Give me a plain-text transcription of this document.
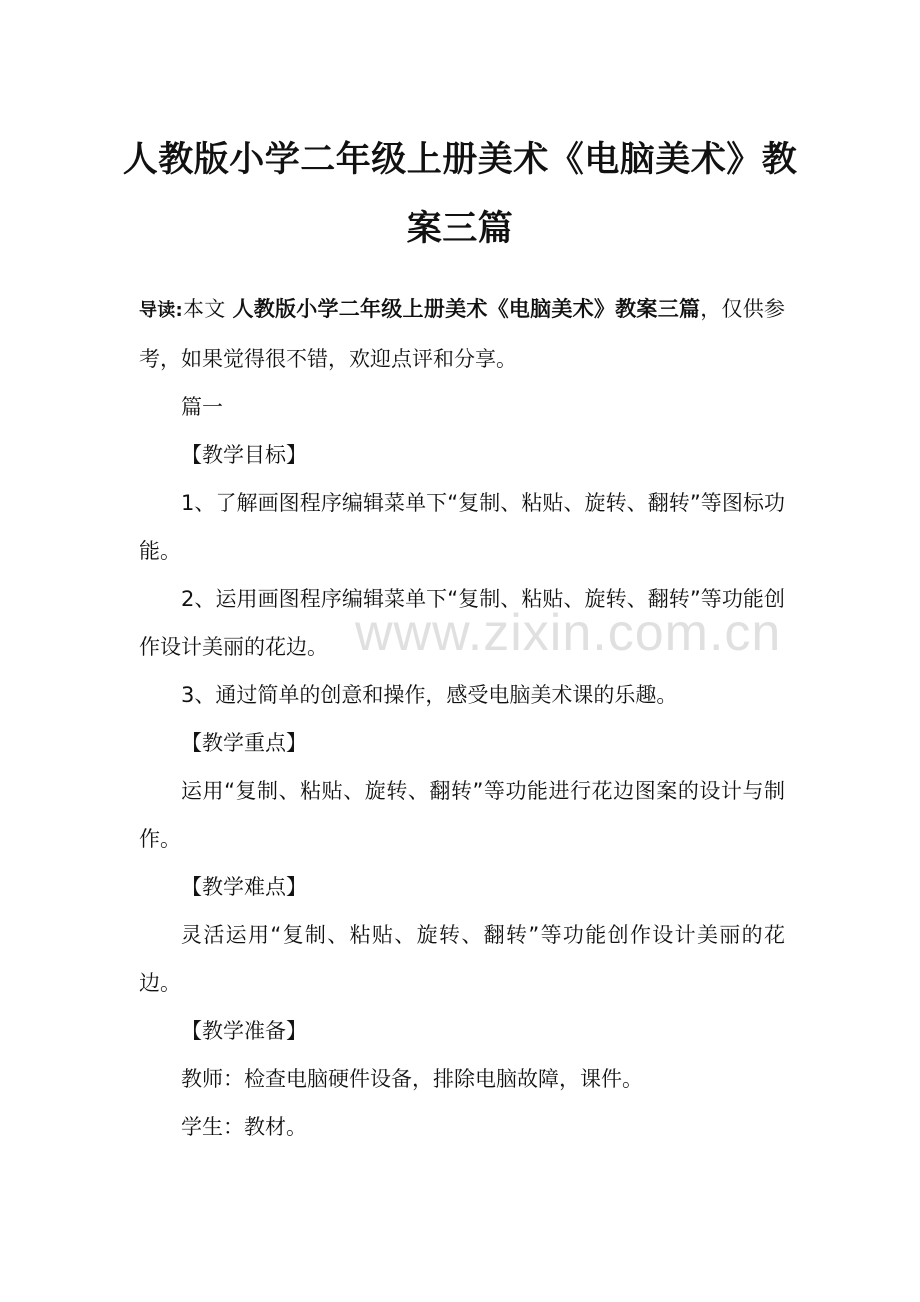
人教版小学二年级上册美术《电脑美术》教案三篇

导读:本文 人教版小学二年级上册美术《电脑美术》教案三篇，仅供参考，如果觉得很不错，欢迎点评和分享。

篇一

【教学目标】

1、了解画图程序编辑菜单下“复制、粘贴、旋转、翻转”等图标功能。

2、运用画图程序编辑菜单下“复制、粘贴、旋转、翻转”等功能创作设计美丽的花边。

3、通过简单的创意和操作，感受电脑美术课的乐趣。

【教学重点】

运用“复制、粘贴、旋转、翻转”等功能进行花边图案的设计与制作。

【教学难点】

灵活运用“复制、粘贴、旋转、翻转”等功能创作设计美丽的花边。

【教学准备】

教师：检查电脑硬件设备，排除电脑故障，课件。

学生：教材。

www.zixin.com.cn
